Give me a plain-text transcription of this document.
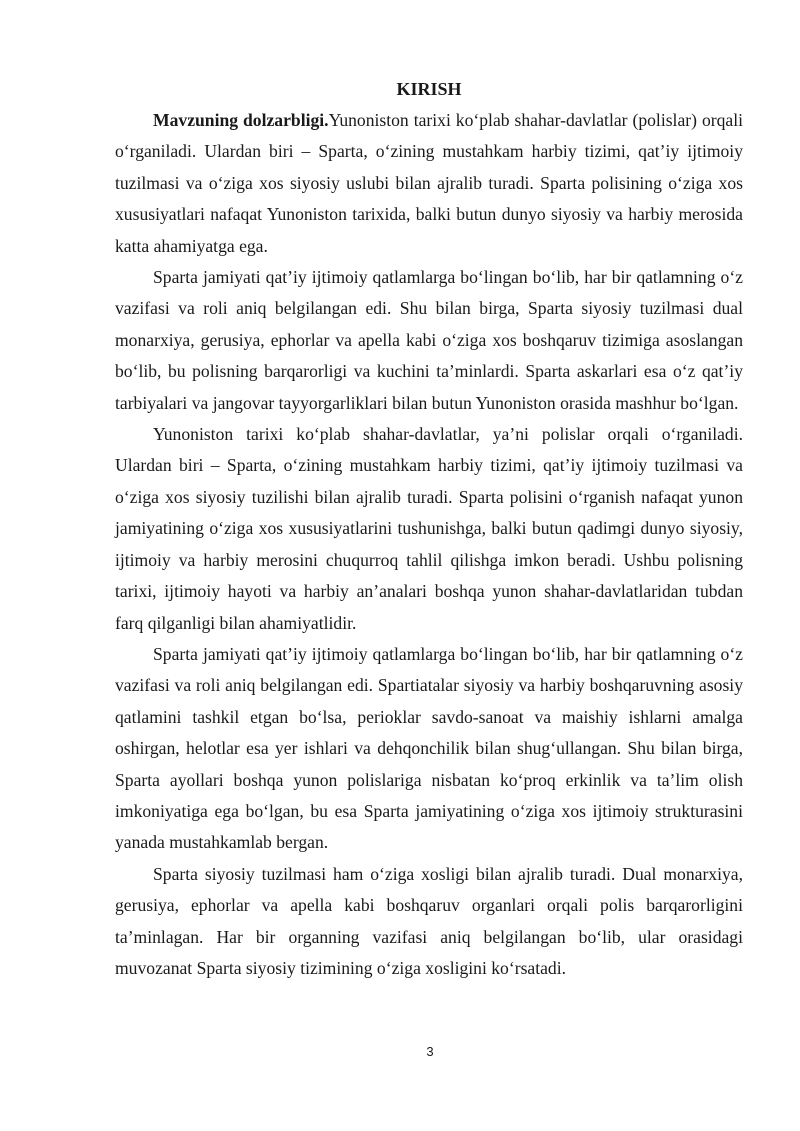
KIRISH

Mavzuning dolzarbligi.Yunoniston tarixi koʻplab shahar-davlatlar (polislar) orqali oʻrganiladi. Ulardan biri – Sparta, oʻzining mustahkam harbiy tizimi, qatʼiy ijtimoiy tuzilmasi va oʻziga xos siyosiy uslubi bilan ajralib turadi. Sparta polisining oʻziga xos xususiyatlari nafaqat Yunoniston tarixida, balki butun dunyo siyosiy va harbiy merosida katta ahamiyatga ega.

Sparta jamiyati qatʼiy ijtimoiy qatlamlarga boʻlingan boʻlib, har bir qatlamning oʻz vazifasi va roli aniq belgilangan edi. Shu bilan birga, Sparta siyosiy tuzilmasi dual monarxiya, gerusiya, ephorlar va apella kabi oʻziga xos boshqaruv tizimiga asoslangan boʻlib, bu polisning barqarorligi va kuchini taʼminlardi. Sparta askarlari esa oʻz qatʼiy tarbiyalari va jangovar tayyorgarliklari bilan butun Yunoniston orasida mashhur boʻlgan.

Yunoniston tarixi koʻplab shahar-davlatlar, yaʼni polislar orqali oʻrganiladi. Ulardan biri – Sparta, oʻzining mustahkam harbiy tizimi, qatʼiy ijtimoiy tuzilmasi va oʻziga xos siyosiy tuzilishi bilan ajralib turadi. Sparta polisini oʻrganish nafaqat yunon jamiyatining oʻziga xos xususiyatlarini tushunishga, balki butun qadimgi dunyo siyosiy, ijtimoiy va harbiy merosini chuqurroq tahlil qilishga imkon beradi. Ushbu polisning tarixi, ijtimoiy hayoti va harbiy anʼanalari boshqa yunon shahar-davlatlaridan tubdan farq qilganligi bilan ahamiyatlidir.

Sparta jamiyati qatʼiy ijtimoiy qatlamlarga boʻlingan boʻlib, har bir qatlamning oʻz vazifasi va roli aniq belgilangan edi. Spartiatalar siyosiy va harbiy boshqaruvning asosiy qatlamini tashkil etgan boʻlsa, perioklar savdo-sanoat va maishiy ishlarni amalga oshirgan, helotlar esa yer ishlari va dehqonchilik bilan shugʻullangan. Shu bilan birga, Sparta ayollari boshqa yunon polislariga nisbatan koʻproq erkinlik va taʼlim olish imkoniyatiga ega boʻlgan, bu esa Sparta jamiyatining oʻziga xos ijtimoiy strukturasini yanada mustahkamlab bergan.

Sparta siyosiy tuzilmasi ham oʻziga xosligi bilan ajralib turadi. Dual monarxiya, gerusiya, ephorlar va apella kabi boshqaruv organlari orqali polis barqarorligini taʼminlagan. Har bir organning vazifasi aniq belgilangan boʻlib, ular orasidagi muvozanat Sparta siyosiy tizimining oʻziga xosligini koʻrsatadi.

3
